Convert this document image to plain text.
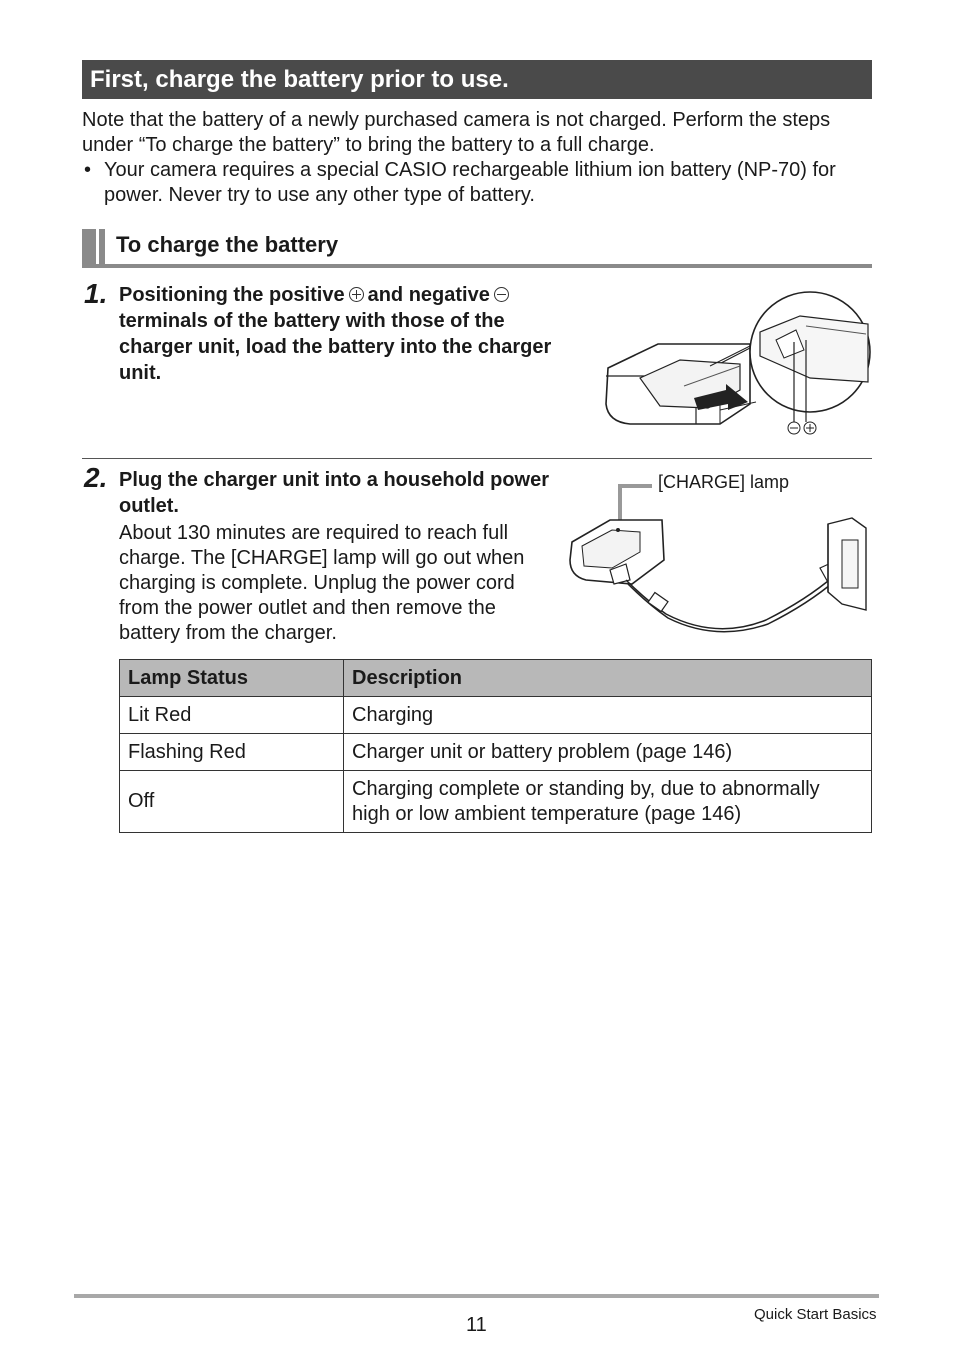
First, charge the battery prior to use.
Note that the battery of a newly purchased camera is not charged. Perform the steps under “To charge the battery” to bring the battery to a full charge.
• Your camera requires a special CASIO rechargeable lithium ion battery (NP-70) for power. Never try to use any other type of battery.
To charge the battery
1. Positioning the positive and negative
terminals of the battery with those of the charger unit, load the battery into the charger unit.
2. Plug the charger unit into a household power outlet.
About 130 minutes are required to reach full charge. The [CHARGE] lamp will go out when charging is complete. Unplug the power cord from the power outlet and then remove the battery from the charger.
[CHARGE] lamp
Lamp Status	Description
Lit Red	Charging
Flashing Red	Charger unit or battery problem (page 146)
Off	Charging complete or standing by, due to abnormally high or low ambient temperature (page 146)
11	Quick Start Basics
